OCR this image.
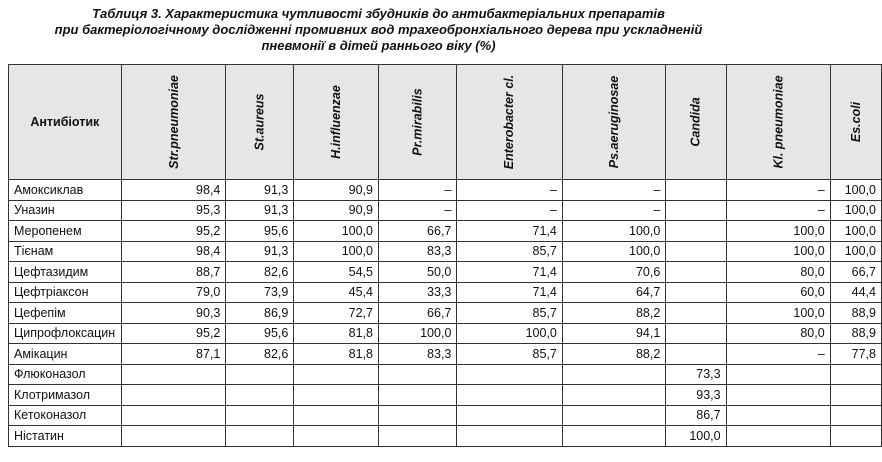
Таблиця 3. Характеристика чутливості збудників до антибактеріальних препаратів
при бактеріологічному дослідженні промивних вод трахеобронхіального дерева при ускладненій
пневмонії в дітей раннього віку (%)
Антибіотик	Str.pneumoniae	St.aureus	H.influenzae	Pr.mirabilis	Enterobacter cl.	Ps.aeruginosae	Candida	Kl. pneumoniae	Es.coli

Амоксиклав	98,4	91,3	90,9	–	–	–		–	100,0
Уназин	95,3	91,3	90,9	–	–	–		–	100,0
Меропенем	95,2	95,6	100,0	66,7	71,4	100,0		100,0	100,0
Тієнам	98,4	91,3	100,0	83,3	85,7	100,0		100,0	100,0
Цефтазидим	88,7	82,6	54,5	50,0	71,4	70,6		80,0	66,7
Цефтріаксон	79,0	73,9	45,4	33,3	71,4	64,7		60,0	44,4
Цефепім	90,3	86,9	72,7	66,7	85,7	88,2		100,0	88,9
Ципрофлоксацин	95,2	95,6	81,8	100,0	100,0	94,1		80,0	88,9
Амікацин	87,1	82,6	81,8	83,3	85,7	88,2		–	77,8
Флюконазол							73,3		
Клотримазол							93,3		
Кетоконазол							86,7		
Ністатин							100,0		
